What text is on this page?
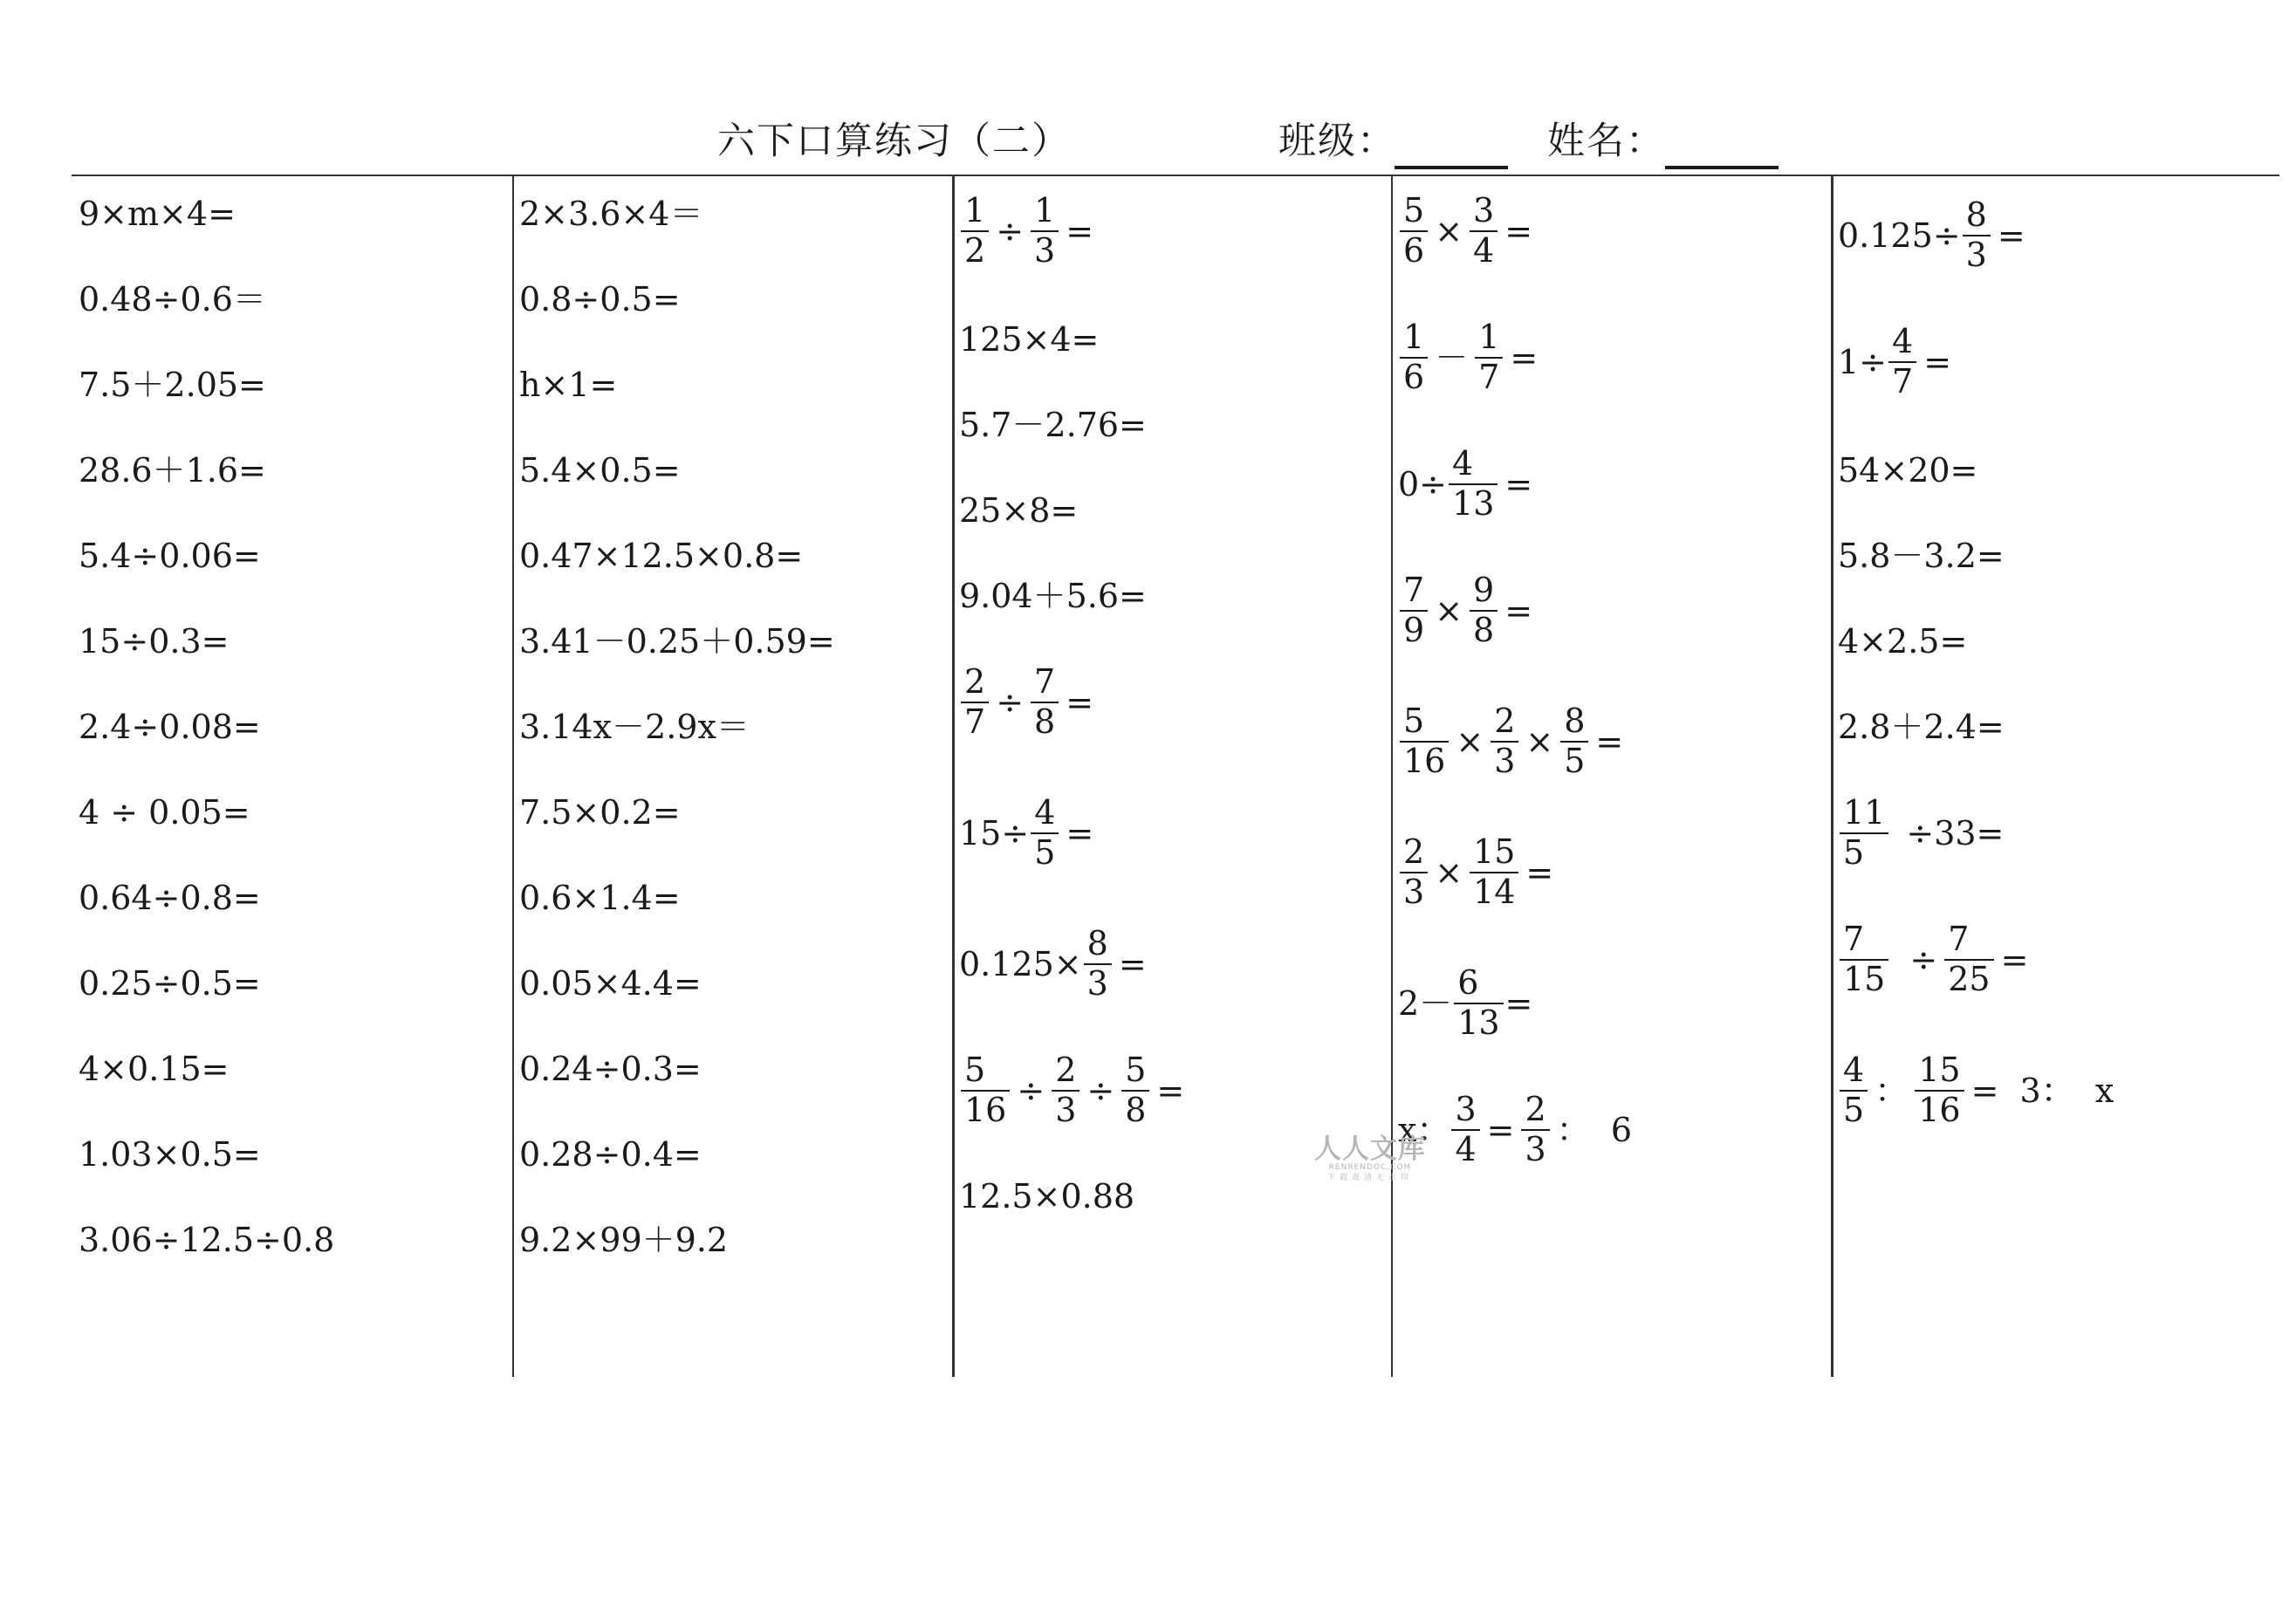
六下口算练习（二）	班级：	姓名：
9×m×4=
0.48÷0.6＝
7.5＋2.05=
28.6＋1.6=
5.4÷0.06=
15÷0.3=
2.4÷0.08=
4 ÷ 0.05=
0.64÷0.8=
0.25÷0.5=
4×0.15=
1.03×0.5=
3.06÷12.5÷0.8
2×3.6×4＝
0.8÷0.5=
h×1=
5.4×0.5=
0.47×12.5×0.8=
3.41－0.25＋0.59=
3.14x－2.9x＝
7.5×0.2=
0.6×1.4=
0.05×4.4=
0.24÷0.3=
0.28÷0.4=
9.2×99＋9.2
$\frac{1}{2} \div \frac{1}{3}$ =
125×4=
5.7－2.76=
25×8=
9.04＋5.6=
$\frac{2}{7} \div \frac{7}{8}$ =
$15\div \frac{4}{5}$ =
$0.125\times \frac{8}{3}$ =
$\frac{5}{16} \div \frac{2}{3} \div \frac{5}{8}$ =
12.5×0.88
$\frac{5}{6} \times \frac{3}{4}$ =
1
$6 - \frac{1}{7}$ =
$0\div \frac{4}{13}$ =
$\frac{7}{9} \times \frac{9}{8}$ =
$\frac{5}{16} \times \frac{2}{3} \times \frac{8}{5}$ =
$\frac{2}{3} \times \frac{15}{14}$ =
$2- \frac{6}{13}$ =
x： $\frac{3}{4} = \frac{2}{3}$ ：  6
$0.125\div \frac{8}{3}$ =
$1\div \frac{4}{7}$ =
54×20=
5.8－3.2=
4×2.5=
2.8＋2.4=
11
5	÷33=
$\frac{7}{15} \div \frac{7}{25}$ =
4
5 ： $\frac{15}{16} = 3$：  x
人人文库
RENRENDOC.COM
下载高清无水印
